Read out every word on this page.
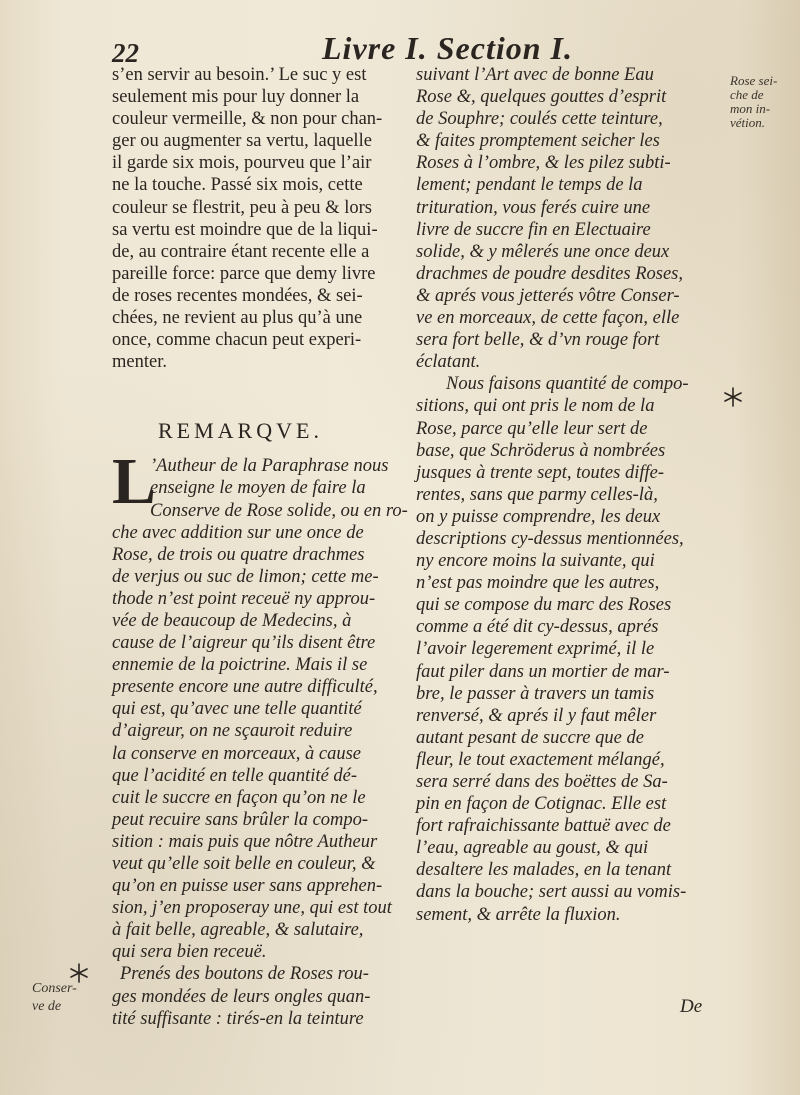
22	Livre I. Section I.
s’en servir au besoin.’ Le suc y est
seulement mis pour luy donner la
couleur vermeille, & non pour chan-
ger ou augmenter sa vertu, laquelle
il garde six mois, pourveu que l’air
ne la touche. Passé six mois, cette
couleur se flestrit, peu à peu & lors
sa vertu est moindre que de la liqui-
de, au contraire étant recente elle a
pareille force: parce que demy livre
de roses recentes mondées, & sei-
chées, ne revient au plus qu’à une
once, comme chacun peut experi-
menter.
REMARQVE.
L
’Autheur de la Paraphrase nous
enseigne le moyen de faire la
Conserve de Rose solide, ou en ro-
che avec addition sur une once de
Rose, de trois ou quatre drachmes
de verjus ou suc de limon; cette me-
thode n’est point receuë ny approu-
vée de beaucoup de Medecins, à
cause de l’aigreur qu’ils disent être
ennemie de la poictrine. Mais il se
presente encore une autre difficulté,
qui est, qu’avec une telle quantité
d’aigreur, on ne sçauroit reduire
la conserve en morceaux, à cause
que l’acidité en telle quantité dé-
cuit le succre en façon qu’on ne le
peut recuire sans brûler la compo-
sition : mais puis que nôtre Autheur
veut qu’elle soit belle en couleur, &
qu’on en puisse user sans apprehen-
sion, j’en proposeray une, qui est tout
à fait belle, agreable, & salutaire,
qui sera bien receuë.
Prenés des boutons de Roses rou-
ges mondées de leurs ongles quan-
tité suffisante : tirés-en la teinture
suivant l’Art avec de bonne Eau
Rose &, quelques gouttes d’esprit
de Souphre; coulés cette teinture,
& faites promptement seicher les
Roses à l’ombre, & les pilez subti-
lement; pendant le temps de la
trituration, vous ferés cuire une
livre de succre fin en Electuaire
solide, & y mêlerés une once deux
drachmes de poudre desdites Roses,
& aprés vous jetterés vôtre Conser-
ve en morceaux, de cette façon, elle
sera fort belle, & d’vn rouge fort
éclatant.
Nous faisons quantité de compo-
sitions, qui ont pris le nom de la
Rose, parce qu’elle leur sert de
base, que Schröderus à nombrées
jusques à trente sept, toutes diffe-
rentes, sans que parmy celles-là,
on y puisse comprendre, les deux
descriptions cy-dessus mentionnées,
ny encore moins la suivante, qui
n’est pas moindre que les autres,
qui se compose du marc des Roses
comme a été dit cy-dessus, aprés
l’avoir legerement exprimé, il le
faut piler dans un mortier de mar-
bre, le passer à travers un tamis
renversé, & aprés il y faut mêler
autant pesant de succre que de
fleur, le tout exactement mélangé,
sera serré dans des boëttes de Sa-
pin en façon de Cotignac. Elle est
fort rafraichissante battuë avec de
l’eau, agreable au goust, & qui
desaltere les malades, en la tenant
dans la bouche; sert aussi au vomis-
sement, & arrête la fluxion.
Rose sei-
che de
mon in-
vétion.
Conser-
ve de	De
